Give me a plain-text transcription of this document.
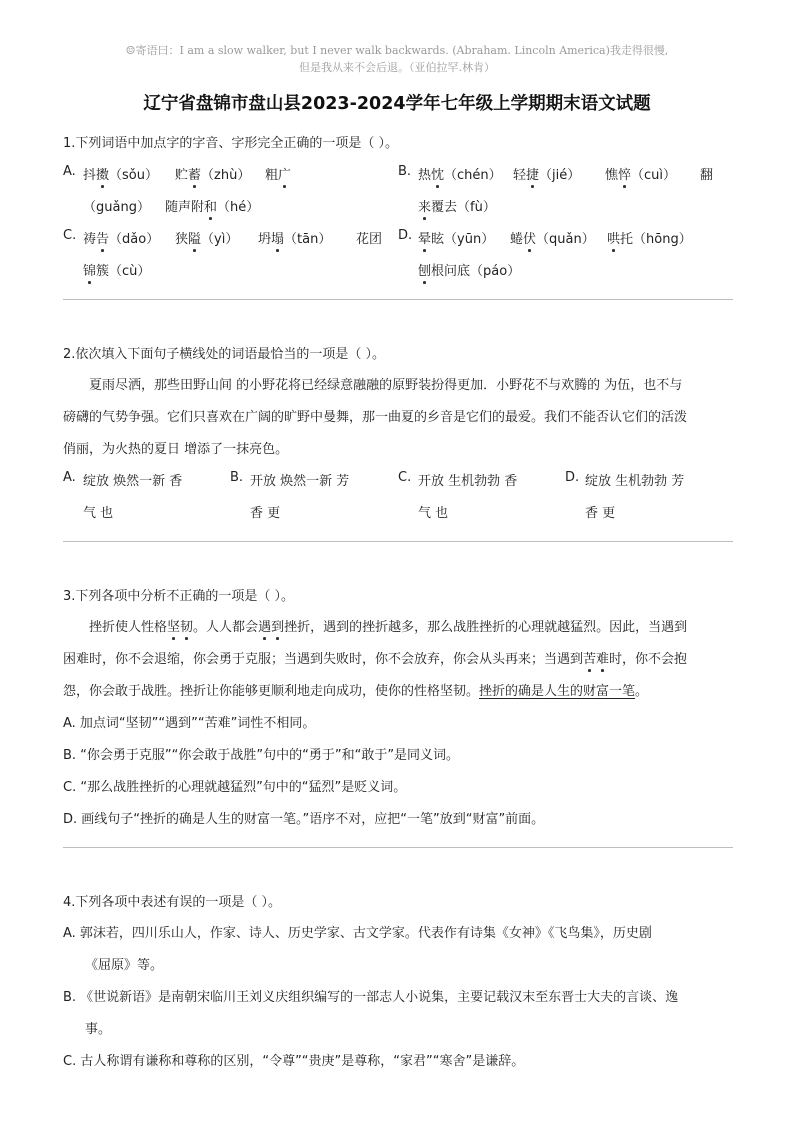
☺寄语曰：I am a slow walker, but I never walk backwards. (Abraham. Lincoln America)我走得很慢,
但是我从来不会后退。（亚伯拉罕.林肯）
辽宁省盘锦市盘山县2023-2024学年七年级上学期期末语文试题
1.下列词语中加点字的字音、字形完全正确的一项是（ ）。
A. 抖擞（sǒu） 贮蓄（zhù） 粗广
（guǎng） 随声附和（hé）
B. 热忱（chén） 轻捷（jié） 憔悴（cuì） 翻
来覆去（fù）
C. 祷告（dǎo） 狭隘（yì） 坍塌（tān） 花团
锦簇（cù）
D. 晕眩（yūn） 蜷伏（quǎn） 哄托（hōng）
刨根问底（páo）
2.依次填入下面句子横线处的词语最恰当的一项是（ ）。
夏雨尽洒，那些田野山间 的小野花将已经绿意融融的原野装扮得更加．小野花不与欢腾的 为伍，也不与
磅礴的气势争强。它们只喜欢在广阔的旷野中曼舞，那一曲夏的乡音是它们的最爱。我们不能否认它们的活泼
俏丽，为火热的夏日 增添了一抹亮色。
A. 绽放 焕然一新 香
气 也
B. 开放 焕然一新 芳
香 更
C. 开放 生机勃勃 香
气 也
D. 绽放 生机勃勃 芳
香 更
3.下列各项中分析不正确的一项是（ ）。
挫折使人性格坚韧。人人都会遇到挫折，遇到的挫折越多，那么战胜挫折的心理就越猛烈。因此，当遇到
困难时，你不会退缩，你会勇于克服；当遇到失败时，你不会放弃，你会从头再来；当遇到苦难时，你不会抱
怨，你会敢于战胜。挫折让你能够更顺利地走向成功，使你的性格坚韧。挫折的确是人生的财富一笔。
A. 加点词“坚韧”“遇到”“苦难”词性不相同。
B. “你会勇于克服”“你会敢于战胜”句中的“勇于”和“敢于”是同义词。
C. “那么战胜挫折的心理就越猛烈”句中的“猛烈”是贬义词。
D. 画线句子“挫折的确是人生的财富一笔。”语序不对，应把“一笔”放到“财富”前面。
4.下列各项中表述有误的一项是（ ）。
A. 郭沫若，四川乐山人，作家、诗人、历史学家、古文学家。代表作有诗集《女神》《飞鸟集》，历史剧
《屈原》等。
B. 《世说新语》是南朝宋临川王刘义庆组织编写的一部志人小说集，主要记载汉末至东晋士大夫的言谈、逸
事。
C. 古人称谓有谦称和尊称的区别，“令尊”“贵庚”是尊称，“家君”“寒舍”是谦辞。
